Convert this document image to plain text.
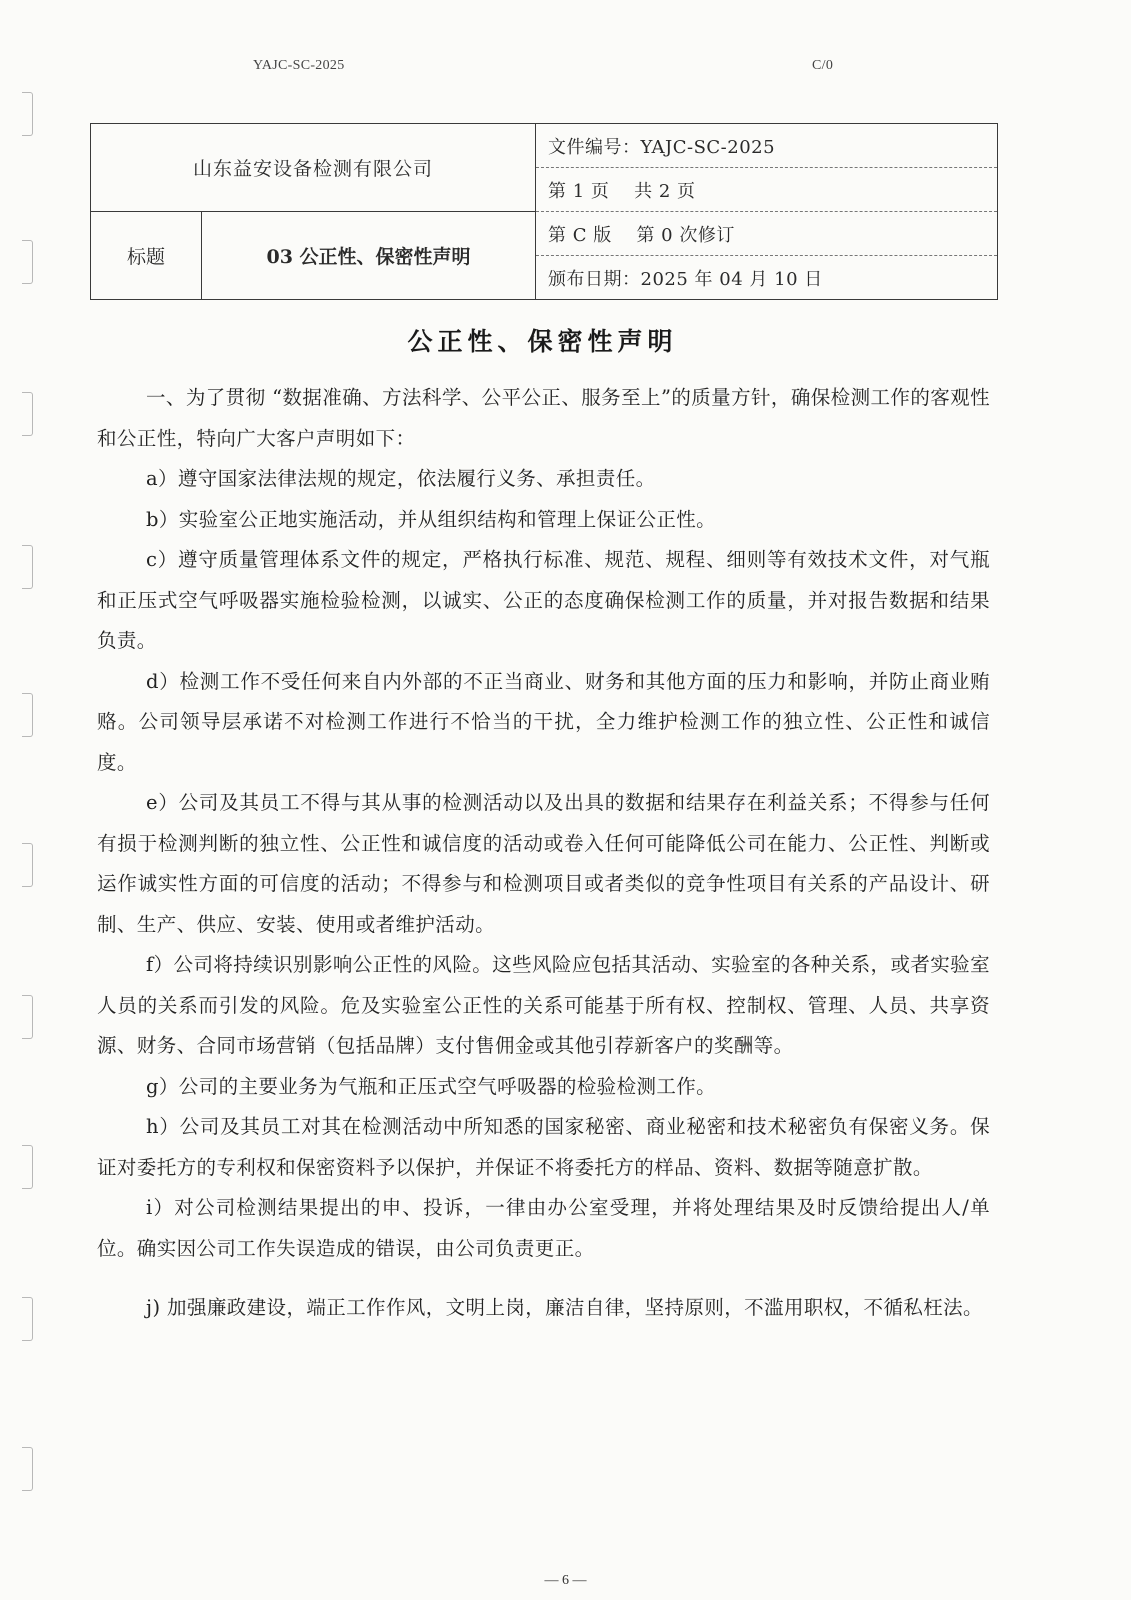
YAJC-SC-2025	C/0
山东益安设备检测有限公司		文件编号：YAJC-SC-2025
		第 1 页　 共 2 页
标题	03 公正性、保密性声明	第 C 版　 第 0 次修订
		颁布日期：2025 年 04 月 10 日
公正性、保密性声明

一、为了贯彻 “数据准确、方法科学、公平公正、服务至上”的质量方针，确保检测工作的客观性和公正性，特向广大客户声明如下：

a）遵守国家法律法规的规定，依法履行义务、承担责任。

b）实验室公正地实施活动，并从组织结构和管理上保证公正性。

c）遵守质量管理体系文件的规定，严格执行标准、规范、规程、细则等有效技术文件，对气瓶和正压式空气呼吸器实施检验检测，以诚实、公正的态度确保检测工作的质量，并对报告数据和结果负责。

d）检测工作不受任何来自内外部的不正当商业、财务和其他方面的压力和影响，并防止商业贿赂。公司领导层承诺不对检测工作进行不恰当的干扰，全力维护检测工作的独立性、公正性和诚信度。

e）公司及其员工不得与其从事的检测活动以及出具的数据和结果存在利益关系；不得参与任何有损于检测判断的独立性、公正性和诚信度的活动或卷入任何可能降低公司在能力、公正性、判断或运作诚实性方面的可信度的活动；不得参与和检测项目或者类似的竞争性项目有关系的产品设计、研制、生产、供应、安装、使用或者维护活动。

f）公司将持续识别影响公正性的风险。这些风险应包括其活动、实验室的各种关系，或者实验室人员的关系而引发的风险。危及实验室公正性的关系可能基于所有权、控制权、管理、人员、共享资源、财务、合同市场营销（包括品牌）支付售佣金或其他引荐新客户的奖酬等。

g）公司的主要业务为气瓶和正压式空气呼吸器的检验检测工作。

h）公司及其员工对其在检测活动中所知悉的国家秘密、商业秘密和技术秘密负有保密义务。保证对委托方的专利权和保密资料予以保护，并保证不将委托方的样品、资料、数据等随意扩散。

i）对公司检测结果提出的申、投诉，一律由办公室受理，并将处理结果及时反馈给提出人/单位。确实因公司工作失误造成的错误，由公司负责更正。

j) 加强廉政建设，端正工作作风，文明上岗，廉洁自律，坚持原则，不滥用职权，不循私枉法。

— 6 —
